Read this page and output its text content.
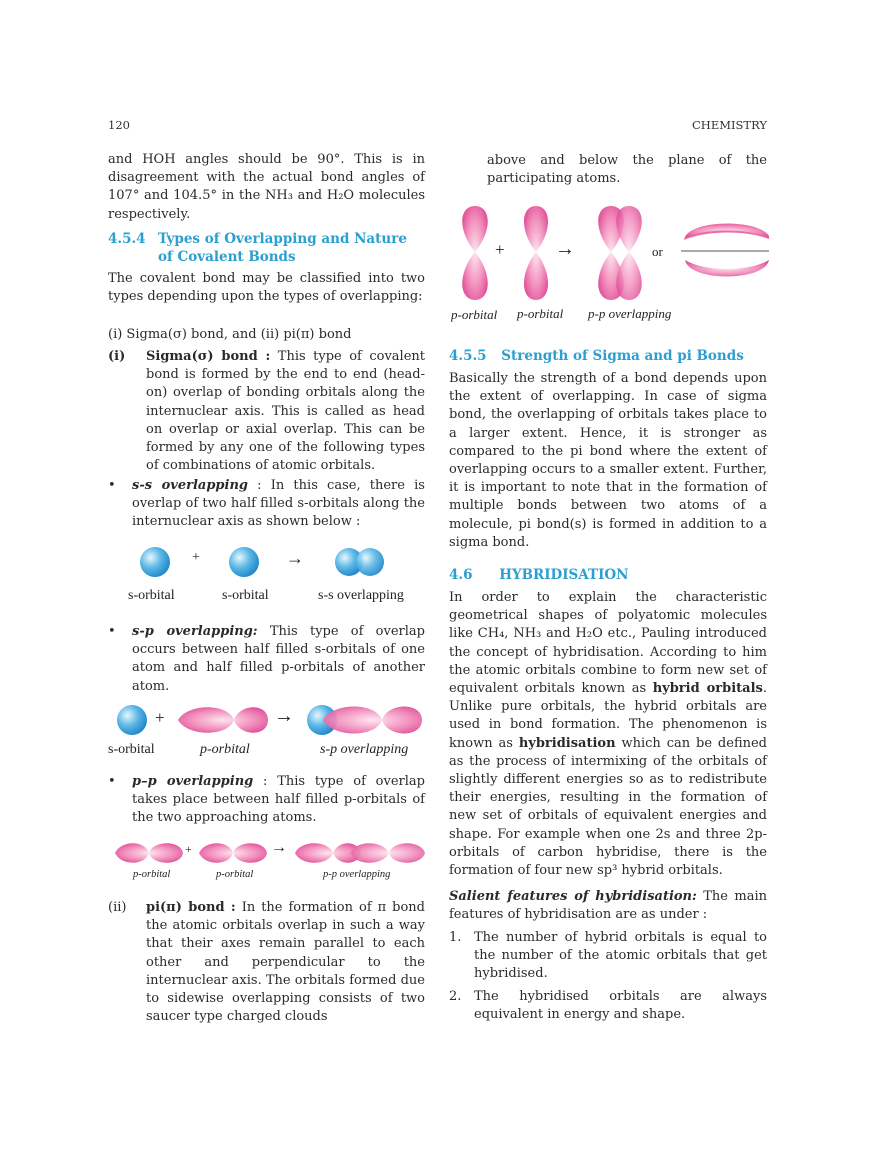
120	CHEMISTRY

and HOH angles should be 90°. This is in disagreement with the actual bond angles of 107° and 104.5° in the NH₃ and H₂O molecules respectively.

4.5.4 Types of Overlapping and Nature of Covalent Bonds

The covalent bond may be classified into two types depending upon the types of overlapping:

(i) Sigma(σ) bond, and (ii) pi(π) bond

(i) Sigma(σ) bond : This type of covalent bond is formed by the end to end (head-on) overlap of bonding orbitals along the internuclear axis. This is called as head on overlap or axial overlap. This can be formed by any one of the following types of combinations of atomic orbitals.

• s-s overlapping : In this case, there is overlap of two half filled s-orbitals along the internuclear axis as shown below :

+	→
s-orbital	s-orbital	s-s overlapping
• s-p overlapping: This type of overlap occurs between half filled s-orbitals of one atom and half filled p-orbitals of another atom.

+	→
s-orbital	p-orbital	s-p overlapping
• p–p overlapping : This type of overlap takes place between half filled p-orbitals of the two approaching atoms.

+	→
p-orbital	p-orbital	p-p overlapping
(ii) pi(π) bond : In the formation of π bond the atomic orbitals overlap in such a way that their axes remain parallel to each other and perpendicular to the internuclear axis. The orbitals formed due to sidewise overlapping consists of two saucer type charged clouds

above and below the plane of the participating atoms.

+	→	or
p-orbital p-orbital p-p overlapping
4.5.5 Strength of Sigma and pi Bonds

Basically the strength of a bond depends upon the extent of overlapping. In case of sigma bond, the overlapping of orbitals takes place to a larger extent. Hence, it is stronger as compared to the pi bond where the extent of overlapping occurs to a smaller extent. Further, it is important to note that in the formation of multiple bonds between two atoms of a molecule, pi bond(s) is formed in addition to a sigma bond.

4.6 HYBRIDISATION

In order to explain the characteristic geometrical shapes of polyatomic molecules like CH₄, NH₃ and H₂O etc., Pauling introduced the concept of hybridisation. According to him the atomic orbitals combine to form new set of equivalent orbitals known as hybrid orbitals. Unlike pure orbitals, the hybrid orbitals are used in bond formation. The phenomenon is known as hybridisation which can be defined as the process of intermixing of the orbitals of slightly different energies so as to redistribute their energies, resulting in the formation of new set of orbitals of equivalent energies and shape. For example when one 2s and three 2p-orbitals of carbon hybridise, there is the formation of four new sp³ hybrid orbitals.

Salient features of hybridisation: The main features of hybridisation are as under :

1. The number of hybrid orbitals is equal to the number of the atomic orbitals that get hybridised.

2. The hybridised orbitals are always equivalent in energy and shape.
